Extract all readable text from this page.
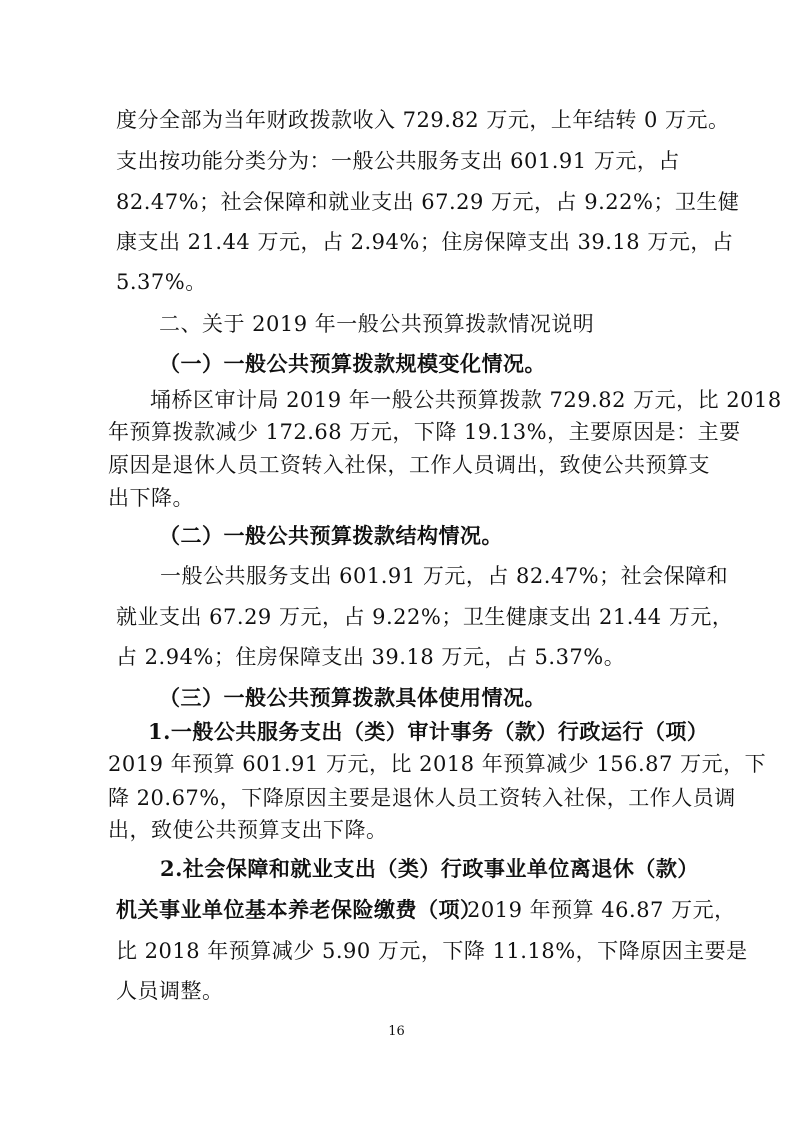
度分全部为当年财政拨款收入 729.82 万元，上年结转 0 万元。
支出按功能分类分为：一般公共服务支出 601.91 万元，占
82.47%；社会保障和就业支出 67.29 万元，占 9.22%；卫生健
康支出 21.44 万元，占 2.94%；住房保障支出 39.18 万元，占
5.37%。
二、关于 2019 年一般公共预算拨款情况说明
（一）一般公共预算拨款规模变化情况。
埇桥区审计局 2019 年一般公共预算拨款 729.82 万元，比 2018
年预算拨款减少 172.68 万元，下降 19.13%，主要原因是：主要
原因是退休人员工资转入社保，工作人员调出，致使公共预算支
出下降。
（二）一般公共预算拨款结构情况。
一般公共服务支出 601.91 万元，占 82.47%；社会保障和
就业支出 67.29 万元，占 9.22%；卫生健康支出 21.44 万元，
占 2.94%；住房保障支出 39.18 万元，占 5.37%。
（三）一般公共预算拨款具体使用情况。
1.一般公共服务支出（类）审计事务（款）行政运行（项）
2019 年预算 601.91 万元，比 2018 年预算减少 156.87 万元，下
降 20.67%，下降原因主要是退休人员工资转入社保，工作人员调
出，致使公共预算支出下降。
2.社会保障和就业支出（类）行政事业单位离退休（款）
机关事业单位基本养老保险缴费（项）
2019 年预算 46.87 万元，
比 2018 年预算减少 5.90 万元，下降 11.18%，下降原因主要是
人员调整。
16
